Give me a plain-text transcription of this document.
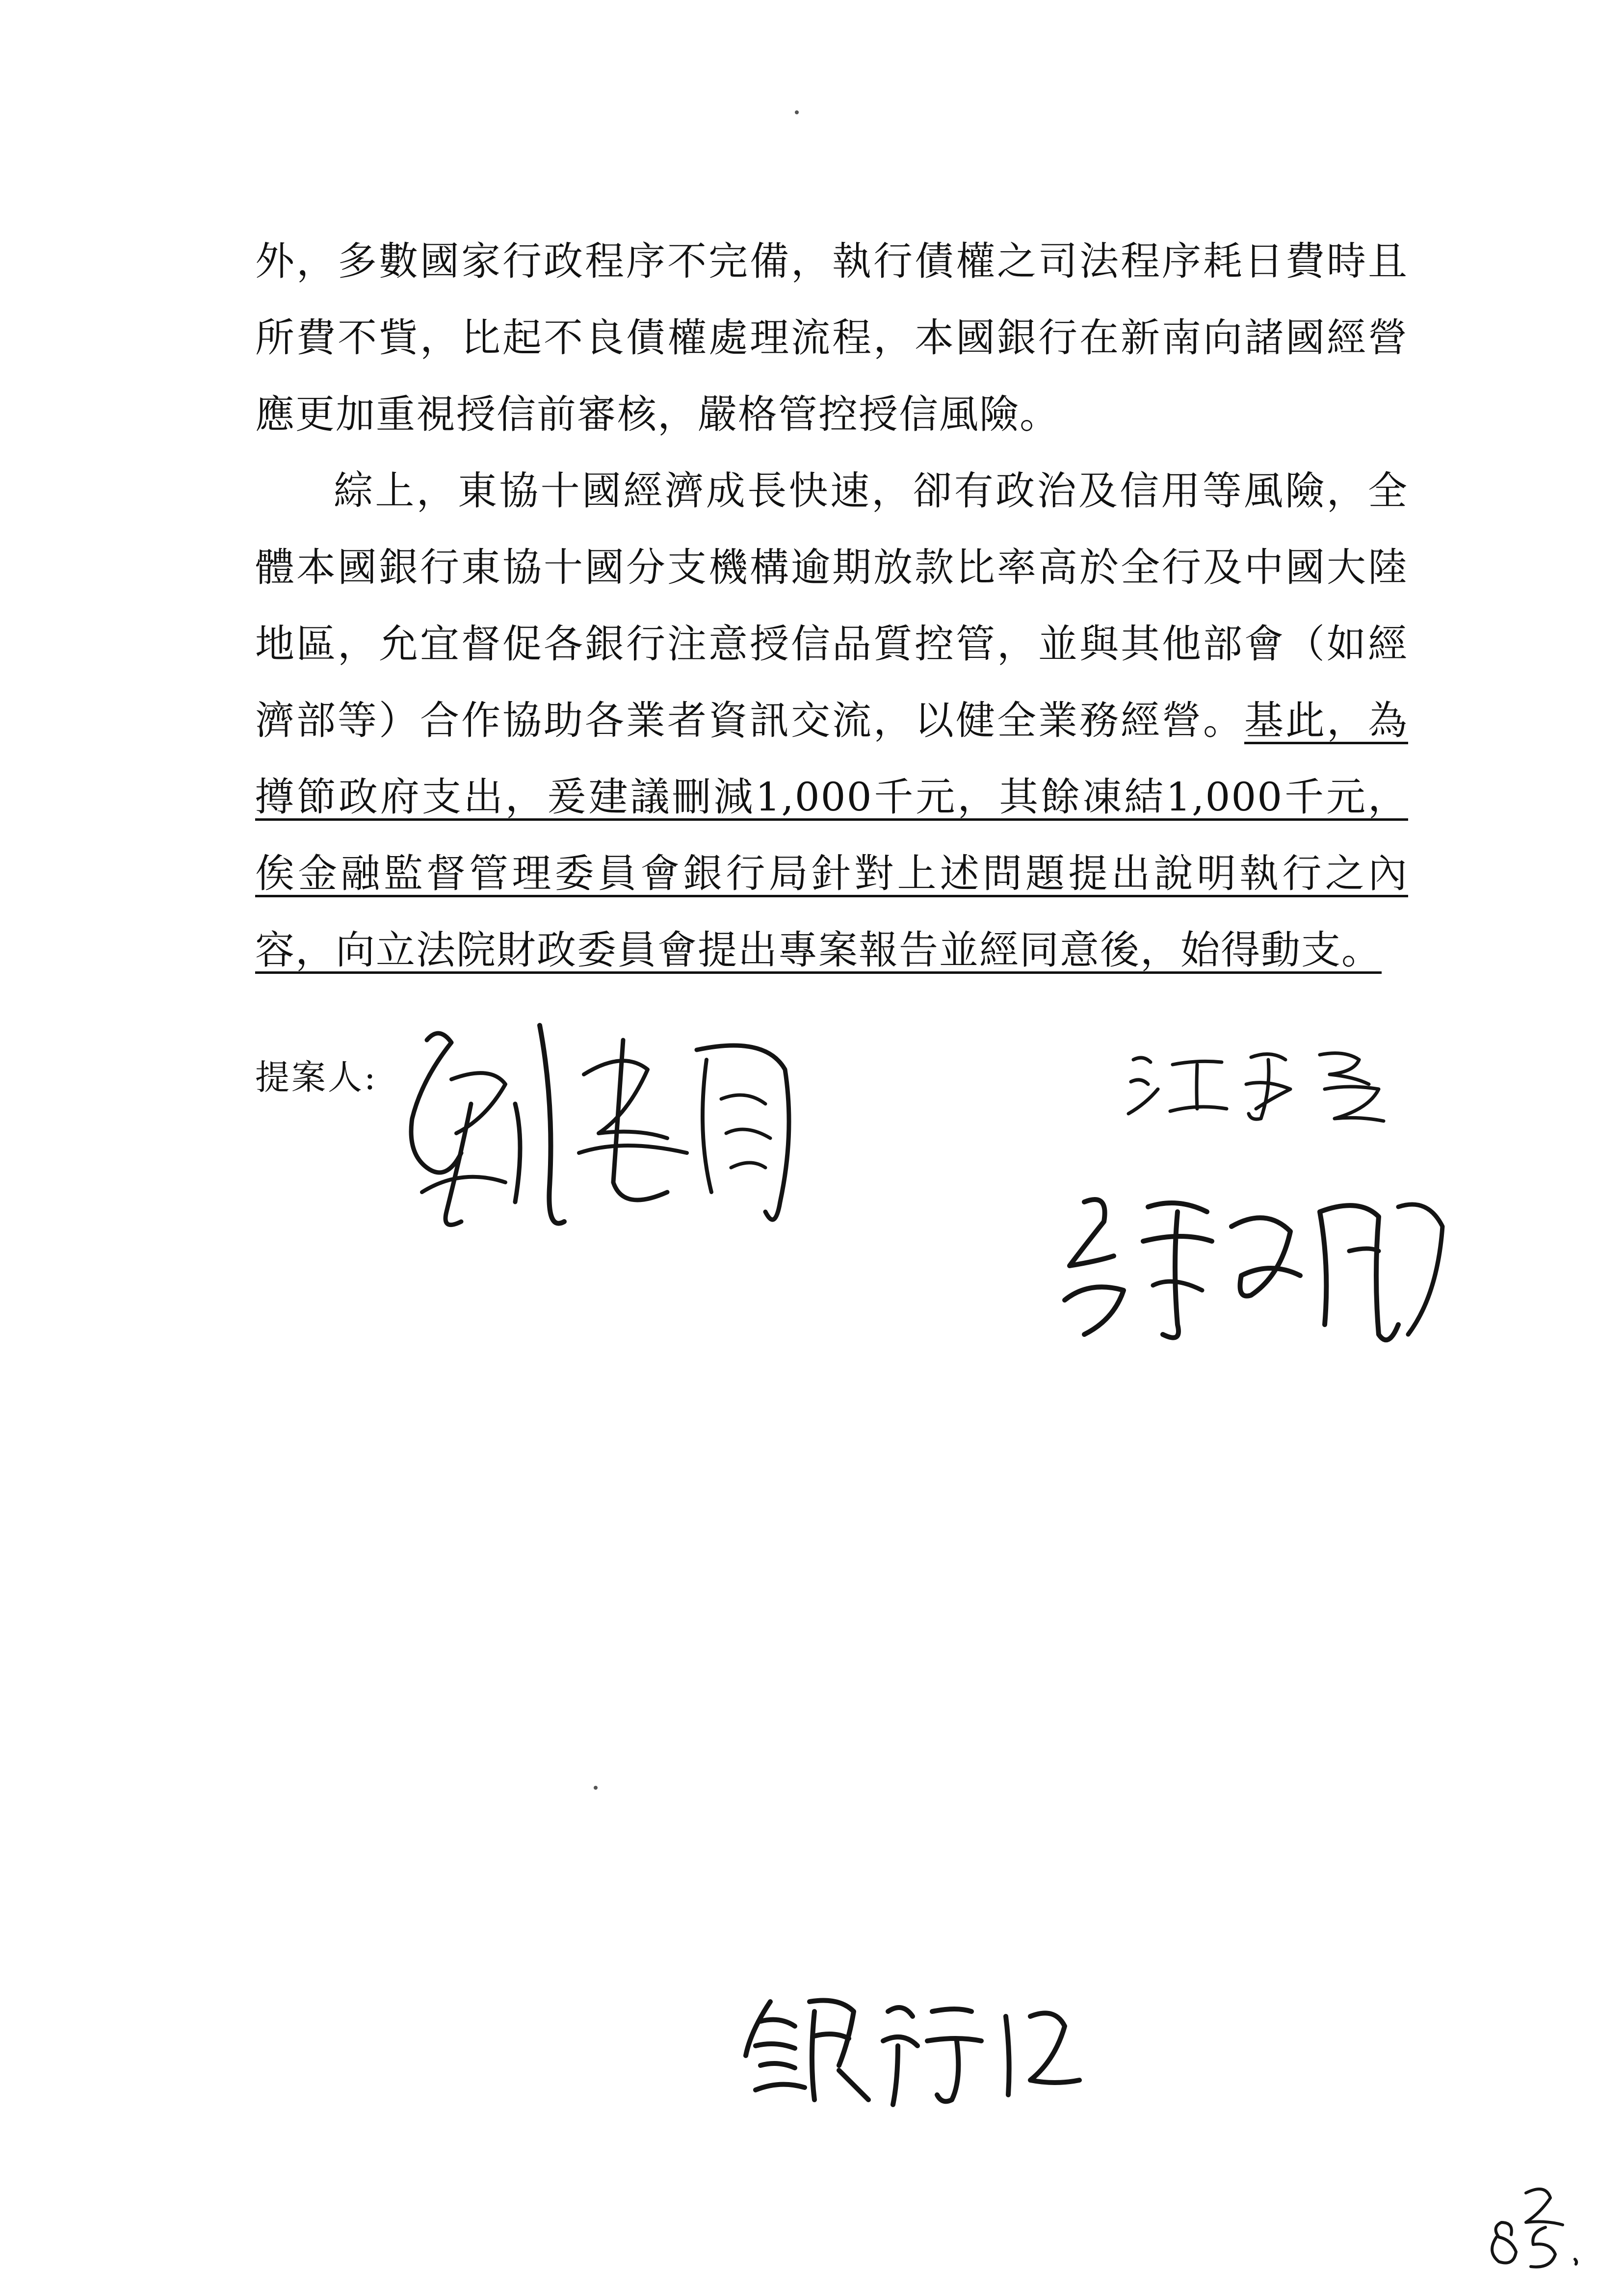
外，多數國家行政程序不完備，執行債權之司法程序耗日費時且所費不貲，比起不良債權處理流程，本國銀行在新南向諸國經營應更加重視授信前審核，嚴格管控授信風險。

綜上，東協十國經濟成長快速，卻有政治及信用等風險，全體本國銀行東協十國分支機構逾期放款比率高於全行及中國大陸地區，允宜督促各銀行注意授信品質控管，並與其他部會（如經濟部等）合作協助各業者資訊交流，以健全業務經營。基此，為撙節政府支出，爰建議刪減1,000千元，其餘凍結1,000千元，俟金融監督管理委員會銀行局針對上述問題提出說明執行之內容，向立法院財政委員會提出專案報告並經同意後，始得動支。

提案人:
